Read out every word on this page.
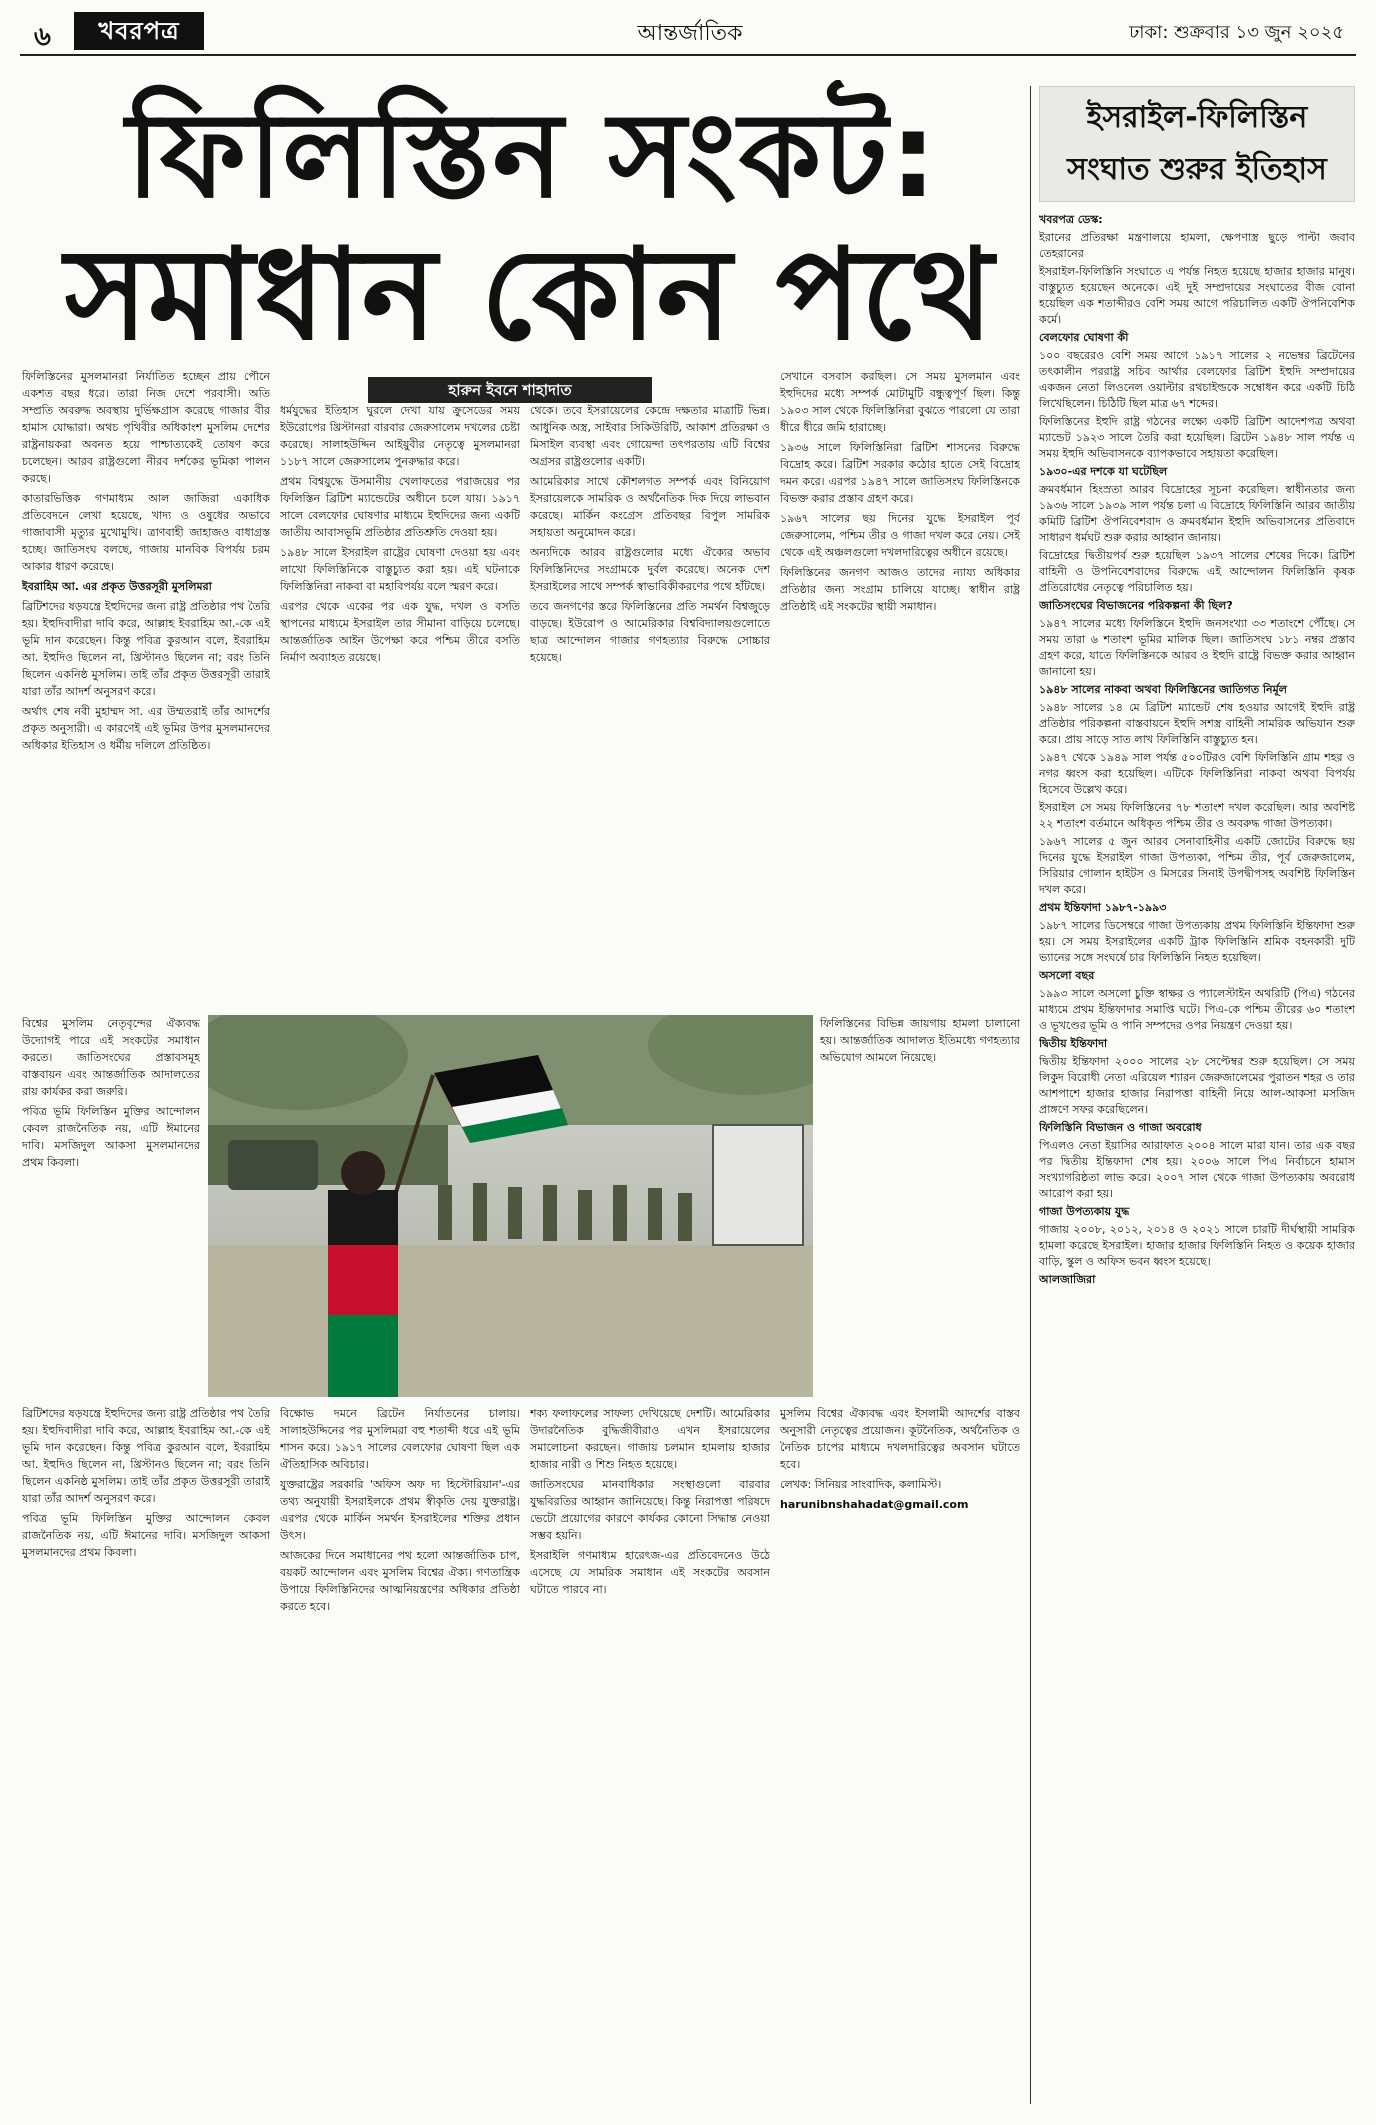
৬	খবরপত্র	আন্তর্জাতিক	ঢাকা: শুক্রবার ১৩ জুন ২০২৫
ফিলিস্তিন সংকট:
সমাধান কোন পথে

ফিলিস্তিনের মুসলমানরা নির্যাতিত হচ্ছেন প্রায় পৌনে একশত বছর ধরে। তারা নিজ দেশে পরবাসী। অতি সম্প্রতি অবরুদ্ধ অবস্থায় দুর্ভিক্ষগ্রাস করেছে গাজার বীর হামাস যোদ্ধারা। অথচ পৃথিবীর অধিকাংশ মুসলিম দেশের রাষ্ট্রনায়করা অবনত হয়ে পাশ্চাত্যকেই তোষণ করে চলেছেন। আরব রাষ্ট্রগুলো নীরব দর্শকের ভূমিকা পালন করছে।

কাতারভিত্তিক গণমাধ্যম আল জাজিরা একাধিক প্রতিবেদনে লেখা হয়েছে, খাদ্য ও ওষুধের অভাবে গাজাবাসী মৃত্যুর মুখোমুখি। ত্রাণবাহী জাহাজও বাধাগ্রস্ত হচ্ছে। জাতিসংঘ বলছে, গাজায় মানবিক বিপর্যয় চরম আকার ধারণ করেছে।

ইবরাহিম আ. এর প্রকৃত উত্তরসূরী মুসলিমরা

ব্রিটিশদের ষড়যন্ত্রে ইহুদিদের জন্য রাষ্ট্র প্রতিষ্ঠার পথ তৈরি হয়। ইহুদিবাদীরা দাবি করে, আল্লাহ ইবরাহিম আ.-কে এই ভূমি দান করেছেন। কিন্তু পবিত্র কুরআন বলে, ইবরাহিম আ. ইহুদিও ছিলেন না, খ্রিস্টানও ছিলেন না; বরং তিনি ছিলেন একনিষ্ঠ মুসলিম। তাই তাঁর প্রকৃত উত্তরসূরী তারাই যারা তাঁর আদর্শ অনুসরণ করে।

অর্থাৎ শেষ নবী মুহাম্মদ সা. এর উম্মতরাই তাঁর আদর্শের প্রকৃত অনুসারী। এ কারণেই এই ভূমির উপর মুসলমানদের অধিকার ইতিহাস ও ধর্মীয় দলিলে প্রতিষ্ঠিত।

হারুন ইবনে শাহাদাত

ধর্মযুদ্ধের ইতিহাস ঘুরলে দেখা যায় ক্রুসেডের সময় ইউরোপের খ্রিস্টানরা বারবার জেরুসালেম দখলের চেষ্টা করেছে। সালাহউদ্দিন আইয়ুবীর নেতৃত্বে মুসলমানরা ১১৮৭ সালে জেরুসালেম পুনরুদ্ধার করে।

প্রথম বিশ্বযুদ্ধে উসমানীয় খেলাফতের পরাজয়ের পর ফিলিস্তিন ব্রিটিশ ম্যান্ডেটের অধীনে চলে যায়। ১৯১৭ সালে বেলফোর ঘোষণার মাধ্যমে ইহুদিদের জন্য একটি জাতীয় আবাসভূমি প্রতিষ্ঠার প্রতিশ্রুতি দেওয়া হয়।

১৯৪৮ সালে ইসরাইল রাষ্ট্রের ঘোষণা দেওয়া হয় এবং লাখো ফিলিস্তিনিকে বাস্তুচ্যুত করা হয়। এই ঘটনাকে ফিলিস্তিনিরা নাকবা বা মহাবিপর্যয় বলে স্মরণ করে।

এরপর থেকে একের পর এক যুদ্ধ, দখল ও বসতি স্থাপনের মাধ্যমে ইসরাইল তার সীমানা বাড়িয়ে চলেছে। আন্তর্জাতিক আইন উপেক্ষা করে পশ্চিম তীরে বসতি নির্মাণ অব্যাহত রয়েছে।

থেকে। তবে ইসরায়েলের কেন্দ্রে দক্ষতার মাত্রাটি ভিন্ন। আধুনিক অস্ত্র, সাইবার সিকিউরিটি, আকাশ প্রতিরক্ষা ও মিসাইল ব্যবস্থা এবং গোয়েন্দা তৎপরতায় এটি বিশ্বের অগ্রসর রাষ্ট্রগুলোর একটি।

আমেরিকার সাথে কৌশলগত সম্পর্ক এবং বিনিয়োগ ইসরায়েলকে সামরিক ও অর্থনৈতিক দিক দিয়ে লাভবান করেছে। মার্কিন কংগ্রেস প্রতিবছর বিপুল সামরিক সহায়তা অনুমোদন করে।

অন্যদিকে আরব রাষ্ট্রগুলোর মধ্যে ঐক্যের অভাব ফিলিস্তিনিদের সংগ্রামকে দুর্বল করেছে। অনেক দেশ ইসরাইলের সাথে সম্পর্ক স্বাভাবিকীকরণের পথে হাঁটছে।

তবে জনগণের স্তরে ফিলিস্তিনের প্রতি সমর্থন বিশ্বজুড়ে বাড়ছে। ইউরোপ ও আমেরিকার বিশ্ববিদ্যালয়গুলোতে ছাত্র আন্দোলন গাজার গণহত্যার বিরুদ্ধে সোচ্চার হয়েছে।

সেখানে বসবাস করছিল। সে সময় মুসলমান এবং ইহুদিদের মধ্যে সম্পর্ক মোটামুটি বন্ধুত্বপূর্ণ ছিল। কিন্তু ১৯০৩ সাল থেকে ফিলিস্তিনিরা বুঝতে পারলো যে তারা ধীরে ধীরে জমি হারাচ্ছে।

১৯৩৬ সালে ফিলিস্তিনিরা ব্রিটিশ শাসনের বিরুদ্ধে বিদ্রোহ করে। ব্রিটিশ সরকার কঠোর হাতে সেই বিদ্রোহ দমন করে। এরপর ১৯৪৭ সালে জাতিসংঘ ফিলিস্তিনকে বিভক্ত করার প্রস্তাব গ্রহণ করে।

১৯৬৭ সালের ছয় দিনের যুদ্ধে ইসরাইল পূর্ব জেরুসালেম, পশ্চিম তীর ও গাজা দখল করে নেয়। সেই থেকে এই অঞ্চলগুলো দখলদারিত্বের অধীনে রয়েছে।

ফিলিস্তিনের জনগণ আজও তাদের ন্যায্য অধিকার প্রতিষ্ঠার জন্য সংগ্রাম চালিয়ে যাচ্ছে। স্বাধীন রাষ্ট্র প্রতিষ্ঠাই এই সংকটের স্থায়ী সমাধান।

বিশ্বের মুসলিম নেতৃবৃন্দের ঐক্যবদ্ধ উদ্যোগই পারে এই সংকটের সমাধান করতে। জাতিসংঘের প্রস্তাবসমূহ বাস্তবায়ন এবং আন্তর্জাতিক আদালতের রায় কার্যকর করা জরুরি।

পবিত্র ভূমি ফিলিস্তিন মুক্তির আন্দোলন কেবল রাজনৈতিক নয়, এটি ঈমানের দাবি। মসজিদুল আকসা মুসলমানদের প্রথম কিবলা।

ফিলিস্তিনের বিভিন্ন জায়গায় হামলা চালানো হয়। আন্তর্জাতিক আদালত ইতিমধ্যে গণহত্যার অভিযোগ আমলে নিয়েছে।

ব্রিটিশদের ষড়যন্ত্রে ইহুদিদের জন্য রাষ্ট্র প্রতিষ্ঠার পথ তৈরি হয়। ইহুদিবাদীরা দাবি করে, আল্লাহ ইবরাহিম আ.-কে এই ভূমি দান করেছেন। কিন্তু পবিত্র কুরআন বলে, ইবরাহিম আ. ইহুদিও ছিলেন না, খ্রিস্টানও ছিলেন না; বরং তিনি ছিলেন একনিষ্ঠ মুসলিম। তাই তাঁর প্রকৃত উত্তরসূরী তারাই যারা তাঁর আদর্শ অনুসরণ করে।

পবিত্র ভূমি ফিলিস্তিন মুক্তির আন্দোলন কেবল রাজনৈতিক নয়, এটি ঈমানের দাবি। মসজিদুল আকসা মুসলমানদের প্রথম কিবলা।

বিক্ষোভ দমনে ব্রিটেন নির্যাতনের চালায়। সালাহউদ্দিনের পর মুসলিমরা বহু শতাব্দী ধরে এই ভূমি শাসন করে। ১৯১৭ সালের বেলফোর ঘোষণা ছিল এক ঐতিহাসিক অবিচার।

যুক্তরাষ্ট্রের সরকারি 'অফিস অফ দ্য হিস্টোরিয়ান'-এর তথ্য অনুযায়ী ইসরাইলকে প্রথম স্বীকৃতি দেয় যুক্তরাষ্ট্র। এরপর থেকে মার্কিন সমর্থন ইসরাইলের শক্তির প্রধান উৎস।

আজকের দিনে সমাধানের পথ হলো আন্তর্জাতিক চাপ, বয়কট আন্দোলন এবং মুসলিম বিশ্বের ঐক্য। গণতান্ত্রিক উপায়ে ফিলিস্তিনিদের আত্মনিয়ন্ত্রণের অধিকার প্রতিষ্ঠা করতে হবে।

শক্য ফলাফলের সাফল্য দেখিয়েছে দেশটি। আমেরিকার উদারনৈতিক বুদ্ধিজীবীরাও এখন ইসরায়েলের সমালোচনা করছেন। গাজায় চলমান হামলায় হাজার হাজার নারী ও শিশু নিহত হয়েছে।

জাতিসংঘের মানবাধিকার সংস্থাগুলো বারবার যুদ্ধবিরতির আহ্বান জানিয়েছে। কিন্তু নিরাপত্তা পরিষদে ভেটো প্রয়োগের কারণে কার্যকর কোনো সিদ্ধান্ত নেওয়া সম্ভব হয়নি।

ইসরাইলি গণমাধ্যম হারেৎজ-এর প্রতিবেদনেও উঠে এসেছে যে সামরিক সমাধান এই সংকটের অবসান ঘটাতে পারবে না।

মুসলিম বিশ্বের ঐক্যবদ্ধ এবং ইসলামী আদর্শের বাস্তব অনুসারী নেতৃত্বের প্রয়োজন। কূটনৈতিক, অর্থনৈতিক ও নৈতিক চাপের মাধ্যমে দখলদারিত্বের অবসান ঘটাতে হবে।

লেখক: সিনিয়র সাংবাদিক, কলামিস্ট।

harunibnshahadat@gmail.com

ইসরাইল-ফিলিস্তিন
সংঘাত শুরুর ইতিহাস

খবরপত্র ডেস্ক:

ইরানের প্রতিরক্ষা মন্ত্রণালয়ে হামলা, ক্ষেপণাস্ত্র ছুড়ে পাল্টা জবাব তেহরানের

ইসরাইল-ফিলিস্তিনি সংঘাতে এ পর্যন্ত নিহত হয়েছে হাজার হাজার মানুষ। বাস্তুচ্যুত হয়েছেন অনেকে। এই দুই সম্প্রদায়ের সংঘাতের বীজ বোনা হয়েছিল এক শতাব্দীরও বেশি সময় আগে পরিচালিত একটি ঔপনিবেশিক কর্মে।

বেলফোর ঘোষণা কী

১০০ বছরেরও বেশি সময় আগে ১৯১৭ সালের ২ নভেম্বর ব্রিটেনের তৎকালীন পররাষ্ট্র সচিব আর্থার বেলফোর ব্রিটিশ ইহুদি সম্প্রদায়ের একজন নেতা লিওনেল ওয়াল্টার রথচাইল্ডকে সম্বোধন করে একটি চিঠি লিখেছিলেন। চিঠিটি ছিল মাত্র ৬৭ শব্দের।

ফিলিস্তিনের ইহুদি রাষ্ট্র গঠনের লক্ষ্যে একটি ব্রিটিশ আদেশপত্র অথবা ম্যান্ডেট ১৯২৩ সালে তৈরি করা হয়েছিল। ব্রিটেন ১৯৪৮ সাল পর্যন্ত এ সময় ইহুদি অভিবাসনকে ব্যাপকভাবে সহায়তা করেছিল।

১৯৩০-এর দশকে যা ঘটেছিল

ক্রমবর্ধমান হিংস্রতা আরব বিদ্রোহের সূচনা করেছিল। স্বাধীনতার জন্য ১৯৩৬ সালে ১৯৩৯ সাল পর্যন্ত চলা এ বিদ্রোহে ফিলিস্তিনি আরব জাতীয় কমিটি ব্রিটিশ ঔপনিবেশবাদ ও ক্রমবর্ধমান ইহুদি অভিবাসনের প্রতিবাদে সাধারণ ধর্মঘট শুরু করার আহ্বান জানায়।

বিদ্রোহের দ্বিতীয়পর্ব শুরু হয়েছিল ১৯৩৭ সালের শেষের দিকে। ব্রিটিশ বাহিনী ও উপনিবেশবাদের বিরুদ্ধে এই আন্দোলন ফিলিস্তিনি কৃষক প্রতিরোধের নেতৃত্বে পরিচালিত হয়।

জাতিসংঘের বিভাজনের পরিকল্পনা কী ছিল?

১৯৪৭ সালের মধ্যে ফিলিস্তিনে ইহুদি জনসংখ্যা ৩৩ শতাংশে পৌঁছে। সে সময় তারা ৬ শতাংশ ভূমির মালিক ছিল। জাতিসংঘ ১৮১ নম্বর প্রস্তাব গ্রহণ করে, যাতে ফিলিস্তিনকে আরব ও ইহুদি রাষ্ট্রে বিভক্ত করার আহ্বান জানানো হয়।

১৯৪৮ সালের নাকবা অথবা ফিলিস্তিনের জাতিগত নির্মূল

১৯৪৮ সালের ১৪ মে ব্রিটিশ ম্যান্ডেট শেষ হওয়ার আগেই ইহুদি রাষ্ট্র প্রতিষ্ঠার পরিকল্পনা বাস্তবায়নে ইহুদি সশস্ত্র বাহিনী সামরিক অভিযান শুরু করে। প্রায় সাড়ে সাত লাখ ফিলিস্তিনি বাস্তুচ্যুত হন।

১৯৪৭ থেকে ১৯৪৯ সাল পর্যন্ত ৫০০টিরও বেশি ফিলিস্তিনি গ্রাম শহর ও নগর ধ্বংস করা হয়েছিল। এটিকে ফিলিস্তিনিরা নাকবা অথবা বিপর্যয় হিসেবে উল্লেখ করে।

ইসরাইল সে সময় ফিলিস্তিনের ৭৮ শতাংশ দখল করেছিল। আর অবশিষ্ট ২২ শতাংশ বর্তমানে অধিকৃত পশ্চিম তীর ও অবরুদ্ধ গাজা উপত্যকা।

১৯৬৭ সালের ৫ জুন আরব সেনাবাহিনীর একটি জোটের বিরুদ্ধে ছয় দিনের যুদ্ধে ইসরাইল গাজা উপত্যকা, পশ্চিম তীর, পূর্ব জেরুজালেম, সিরিয়ার গোলান হাইটস ও মিসরের সিনাই উপদ্বীপসহ অবশিষ্ট ফিলিস্তিন দখল করে।

প্রথম ইন্তিফাদা ১৯৮৭-১৯৯৩

১৯৮৭ সালের ডিসেম্বরে গাজা উপত্যকায় প্রথম ফিলিস্তিনি ইন্তিফাদা শুরু হয়। সে সময় ইসরাইলের একটি ট্রাক ফিলিস্তিনি শ্রমিক বহনকারী দুটি ভ্যানের সঙ্গে সংঘর্ষে চার ফিলিস্তিনি নিহত হয়েছিল।

অসলো বছর

১৯৯৩ সালে অসলো চুক্তি স্বাক্ষর ও প্যালেস্টাইন অথরিটি (পিএ) গঠনের মাধ্যমে প্রথম ইন্তিফাদার সমাপ্তি ঘটে। পিএ-কে পশ্চিম তীরের ৬০ শতাংশ ও ভূখণ্ডের ভূমি ও পানি সম্পদের ওপর নিয়ন্ত্রণ দেওয়া হয়।

দ্বিতীয় ইন্তিফাদা

দ্বিতীয় ইন্তিফাদা ২০০০ সালের ২৮ সেপ্টেম্বর শুরু হয়েছিল। সে সময় লিকুদ বিরোধী নেতা এরিয়েল শ্যারন জেরুজালেমের পুরাতন শহর ও তার আশপাশে হাজার হাজার নিরাপত্তা বাহিনী নিয়ে আল-আকসা মসজিদ প্রাঙ্গণে সফর করেছিলেন।

ফিলিস্তিনি বিভাজন ও গাজা অবরোধ

পিএলও নেতা ইয়াসির আরাফাত ২০০৪ সালে মারা যান। তার এক বছর পর দ্বিতীয় ইন্তিফাদা শেষ হয়। ২০০৬ সালে পিএ নির্বাচনে হামাস সংখ্যাগরিষ্ঠতা লাভ করে। ২০০৭ সাল থেকে গাজা উপত্যকায় অবরোধ আরোপ করা হয়।

গাজা উপত্যকায় যুদ্ধ

গাজায় ২০০৮, ২০১২, ২০১৪ ও ২০২১ সালে চারটি দীর্ঘস্থায়ী সামরিক হামলা করেছে ইসরাইল। হাজার হাজার ফিলিস্তিনি নিহত ও কয়েক হাজার বাড়ি, স্কুল ও অফিস ভবন ধ্বংস হয়েছে।

আলজাজিরা
